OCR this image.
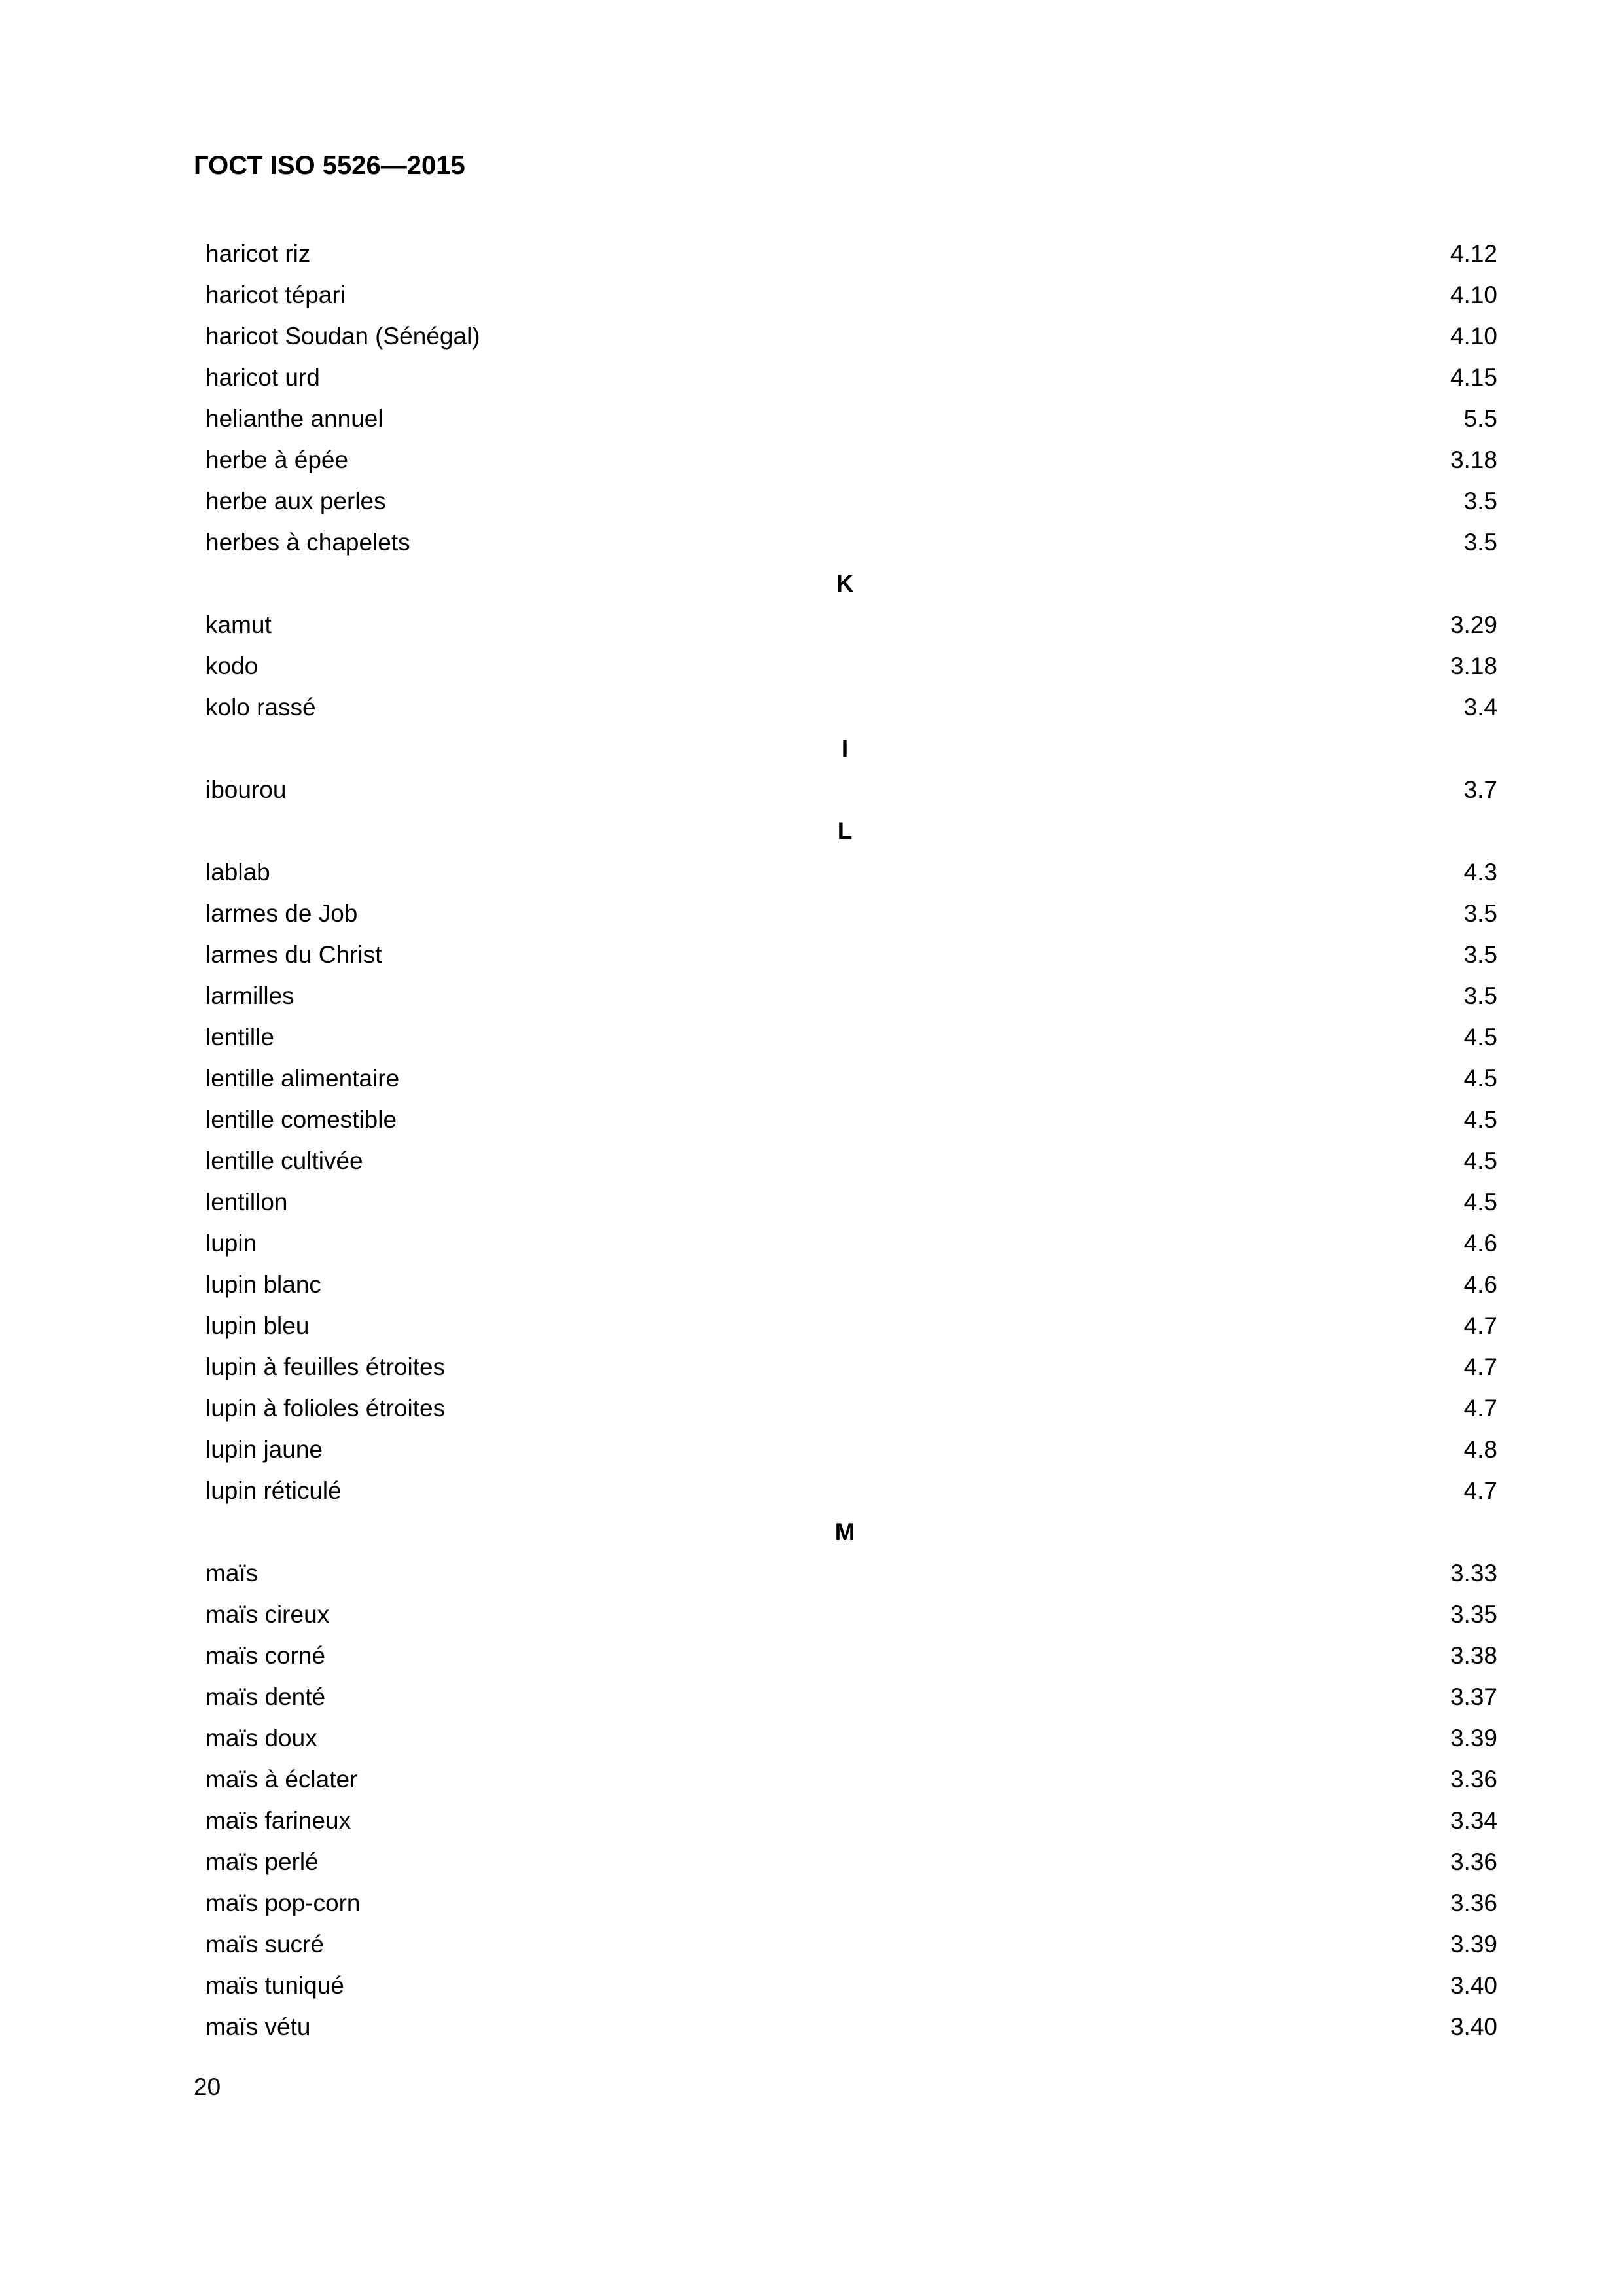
ГОСТ ISO 5526—2015
haricot riz	4.12
haricot tépari	4.10
haricot Soudan (Sénégal)	4.10
haricot urd	4.15
helianthe annuel	5.5
herbe à épée	3.18
herbe aux perles	3.5
herbes à chapelets	3.5
K
kamut	3.29
kodo	3.18
kolo rassé	3.4
I
ibourou	3.7
L
lablab	4.3
larmes de Job	3.5
larmes du Christ	3.5
larmilles	3.5
lentille	4.5
lentille alimentaire	4.5
lentille comestible	4.5
lentille cultivée	4.5
lentillon	4.5
lupin	4.6
lupin blanc	4.6
lupin bleu	4.7
lupin à feuilles étroites	4.7
lupin à folioles étroites	4.7
lupin jaune	4.8
lupin réticulé	4.7
M
maïs	3.33
maïs cireux	3.35
maïs corné	3.38
maïs denté	3.37
maïs doux	3.39
maïs à éclater	3.36
maïs farineux	3.34
maïs perlé	3.36
maïs pop-corn	3.36
maïs sucré	3.39
maïs tuniqué	3.40
maïs vétu	3.40
20
